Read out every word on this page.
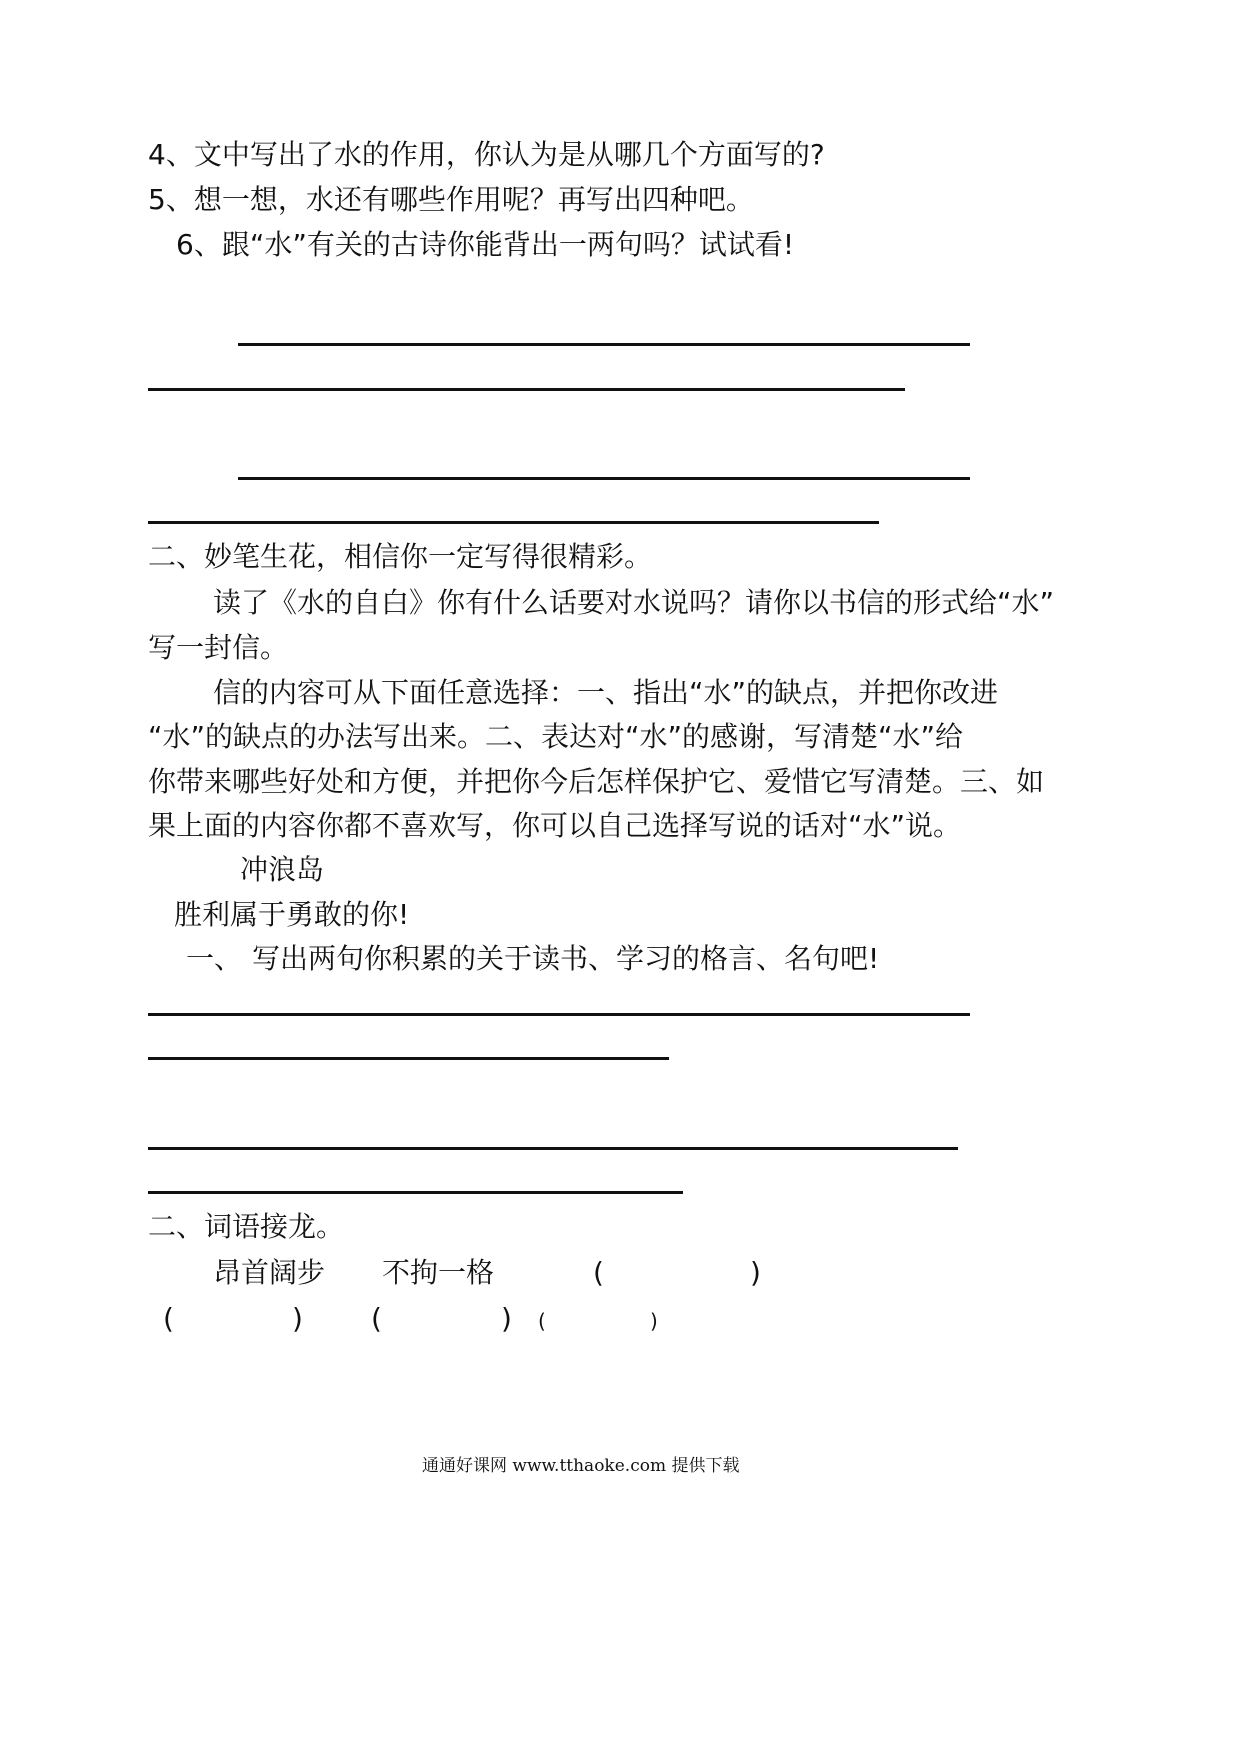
4、文中写出了水的作用，你认为是从哪几个方面写的?
5、想一想，水还有哪些作用呢？再写出四种吧。
6、跟“水”有关的古诗你能背出一两句吗？试试看!
二、妙笔生花，相信你一定写得很精彩。
读了《水的自白》你有什么话要对水说吗？请你以书信的形式给“水”
写一封信。
信的内容可从下面任意选择：一、指出“水”的缺点，并把你改进
“水”的缺点的办法写出来。二、表达对“水”的感谢，写清楚“水”给
你带来哪些好处和方便，并把你今后怎样保护它、爱惜它写清楚。三、如
果上面的内容你都不喜欢写，你可以自己选择写说的话对“水”说。
冲浪岛
胜利属于勇敢的你!
一、 写出两句你积累的关于读书、学习的格言、名句吧!
二、词语接龙。
昂首阔步 不拘一格	(	)
(	) (	) (	)
通通好课网 www.tthaoke.com 提供下载
